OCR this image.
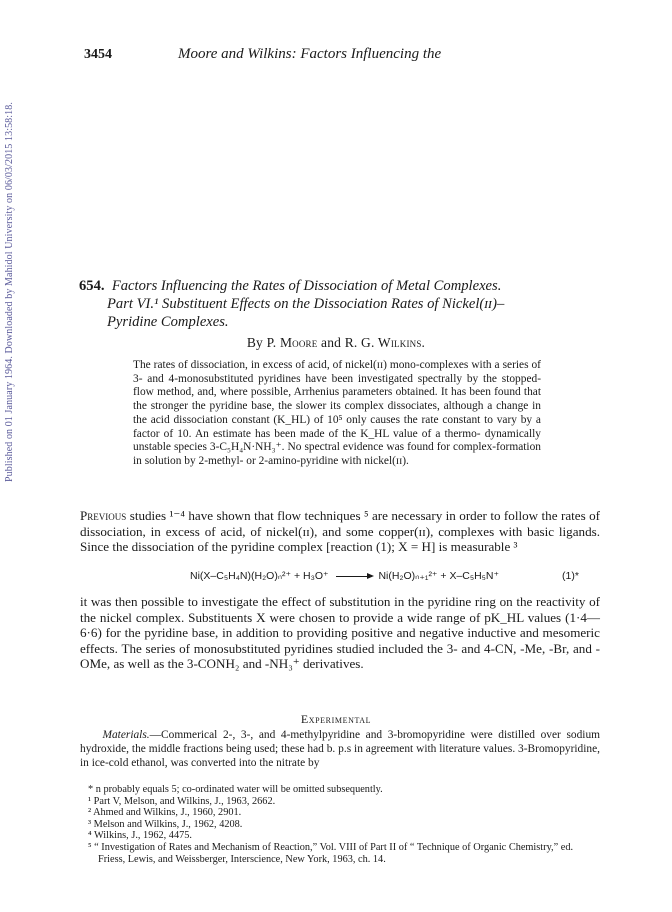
Published on 01 January 1964. Downloaded by Mahidol University on 06/03/2015 13:58:18.
3454	Moore and Wilkins: Factors Influencing the
654. Factors Influencing the Rates of Dissociation of Metal Complexes.
Part VI.¹ Substituent Effects on the Dissociation Rates of Nickel(ɪɪ)–
Pyridine Complexes.
By P. Moore and R. G. Wilkins.

The rates of dissociation, in excess of acid, of nickel(ɪɪ) mono-complexes with a series of 3- and 4-monosubstituted pyridines have been investigated spectrally by the stopped-flow method, and, where possible, Arrhenius parameters obtained. It has been found that the stronger the pyridine base, the slower its complex dissociates, although a change in the acid dissociation constant (K_HL) of 10⁵ only causes the rate constant to vary by a factor of 10. An estimate has been made of the K_HL value of a thermo- dynamically unstable species 3-C₅H₄N·NH₃⁺. No spectral evidence was found for complex-formation in solution by 2-methyl- or 2-amino-pyridine with nickel(ɪɪ).

Previous studies ¹⁻⁴ have shown that flow techniques ⁵ are necessary in order to follow the rates of dissociation, in excess of acid, of nickel(ɪɪ), and some copper(ɪɪ), complexes with basic ligands. Since the dissociation of the pyridine complex [reaction (1); X = H] is measurable ³

Ni(X–C₅H₄N)(H₂O)ₙ²⁺ + H₃O⁺ → Ni(H₂O)ₙ₊₁²⁺ + X–C₅H₅N⁺	(1)*

it was then possible to investigate the effect of substitution in the pyridine ring on the reactivity of the nickel complex. Substituents X were chosen to provide a wide range of pK_HL values (1·4—6·6) for the pyridine base, in addition to providing positive and negative inductive and mesomeric effects. The series of monosubstituted pyridines studied included the 3- and 4-CN, -Me, -Br, and -OMe, as well as the 3-CONH₂ and -NH₃⁺ derivatives.

Experimental

Materials.—Commerical 2-, 3-, and 4-methylpyridine and 3-bromopyridine were distilled over sodium hydroxide, the middle fractions being used; these had b. p.s in agreement with literature values. 3-Bromopyridine, in ice-cold ethanol, was converted into the nitrate by

* n probably equals 5; co-ordinated water will be omitted subsequently.
¹ Part V, Melson, and Wilkins, J., 1963, 2662.
² Ahmed and Wilkins, J., 1960, 2901.
³ Melson and Wilkins, J., 1962, 4208.
⁴ Wilkins, J., 1962, 4475.
⁵ “ Investigation of Rates and Mechanism of Reaction,” Vol. VIII of Part II of “ Technique of Organic Chemistry,” ed. Friess, Lewis, and Weissberger, Interscience, New York, 1963, ch. 14.
